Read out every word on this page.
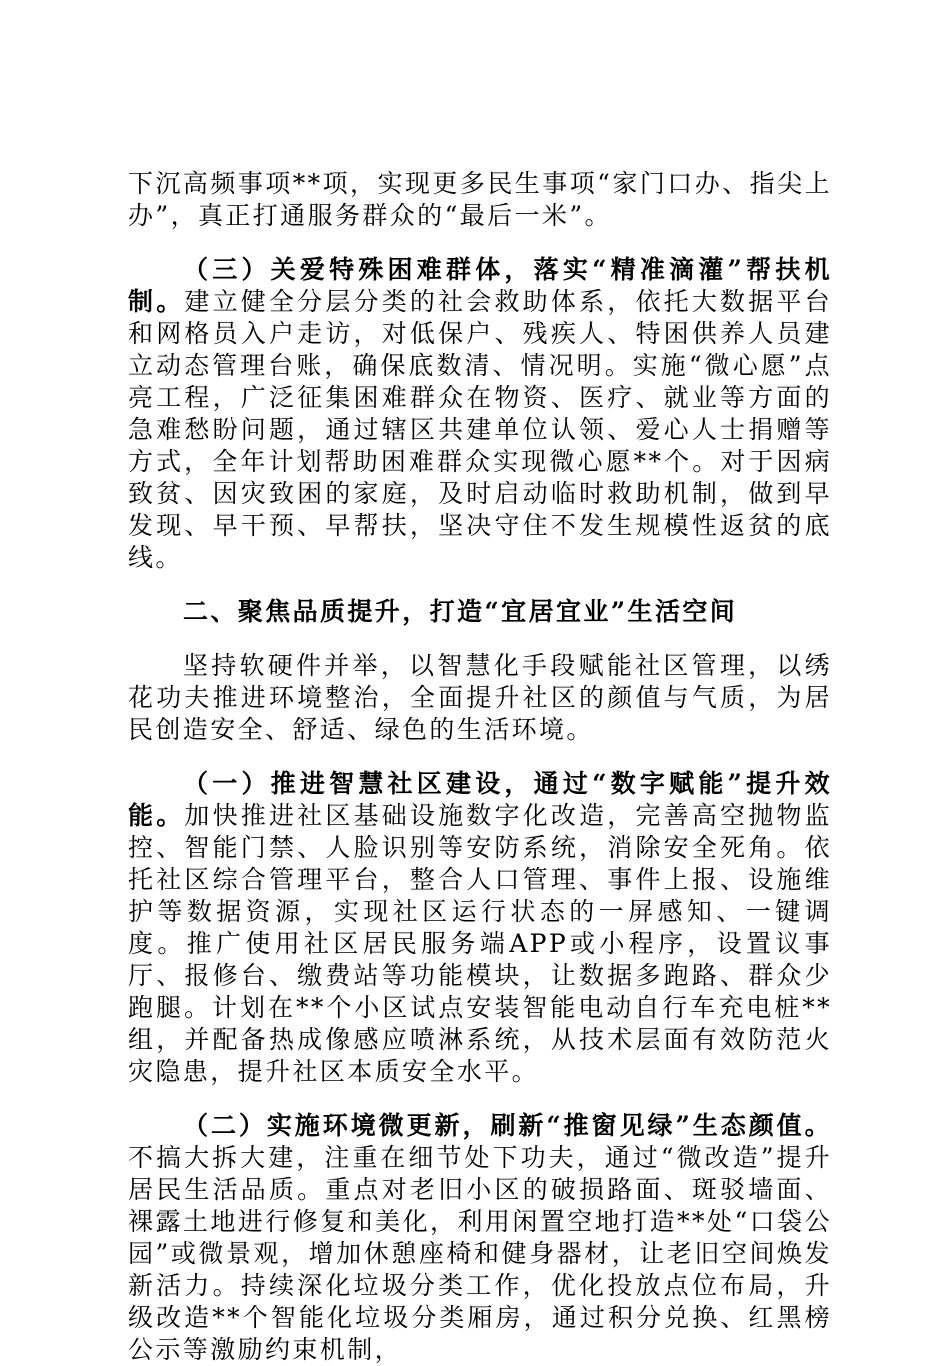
下沉高频事项**项，实现更多民生事项“家门口办、指尖上办”，真正打通服务群众的“最后一米”。

（三）关爱特殊困难群体，落实“精准滴灌”帮扶机制。建立健全分层分类的社会救助体系，依托大数据平台和网格员入户走访，对低保户、残疾人、特困供养人员建立动态管理台账，确保底数清、情况明。实施“微心愿”点亮工程，广泛征集困难群众在物资、医疗、就业等方面的急难愁盼问题，通过辖区共建单位认领、爱心人士捐赠等方式，全年计划帮助困难群众实现微心愿**个。对于因病致贫、因灾致困的家庭，及时启动临时救助机制，做到早发现、早干预、早帮扶，坚决守住不发生规模性返贫的底线。

二、聚焦品质提升，打造“宜居宜业”生活空间

坚持软硬件并举，以智慧化手段赋能社区管理，以绣花功夫推进环境整治，全面提升社区的颜值与气质，为居民创造安全、舒适、绿色的生活环境。

（一）推进智慧社区建设，通过“数字赋能”提升效能。加快推进社区基础设施数字化改造，完善高空抛物监控、智能门禁、人脸识别等安防系统，消除安全死角。依托社区综合管理平台，整合人口管理、事件上报、设施维护等数据资源，实现社区运行状态的一屏感知、一键调度。推广使用社区居民服务端APP或小程序，设置议事厅、报修台、缴费站等功能模块，让数据多跑路、群众少跑腿。计划在**个小区试点安装智能电动自行车充电桩**组，并配备热成像感应喷淋系统，从技术层面有效防范火灾隐患，提升社区本质安全水平。

（二）实施环境微更新，刷新“推窗见绿”生态颜值。不搞大拆大建，注重在细节处下功夫，通过“微改造”提升居民生活品质。重点对老旧小区的破损路面、斑驳墙面、裸露土地进行修复和美化，利用闲置空地打造**处“口袋公园”或微景观，增加休憩座椅和健身器材，让老旧空间焕发新活力。持续深化垃圾分类工作，优化投放点位布局，升级改造**个智能化垃圾分类厢房，通过积分兑换、红黑榜公示等激励约束机制，
